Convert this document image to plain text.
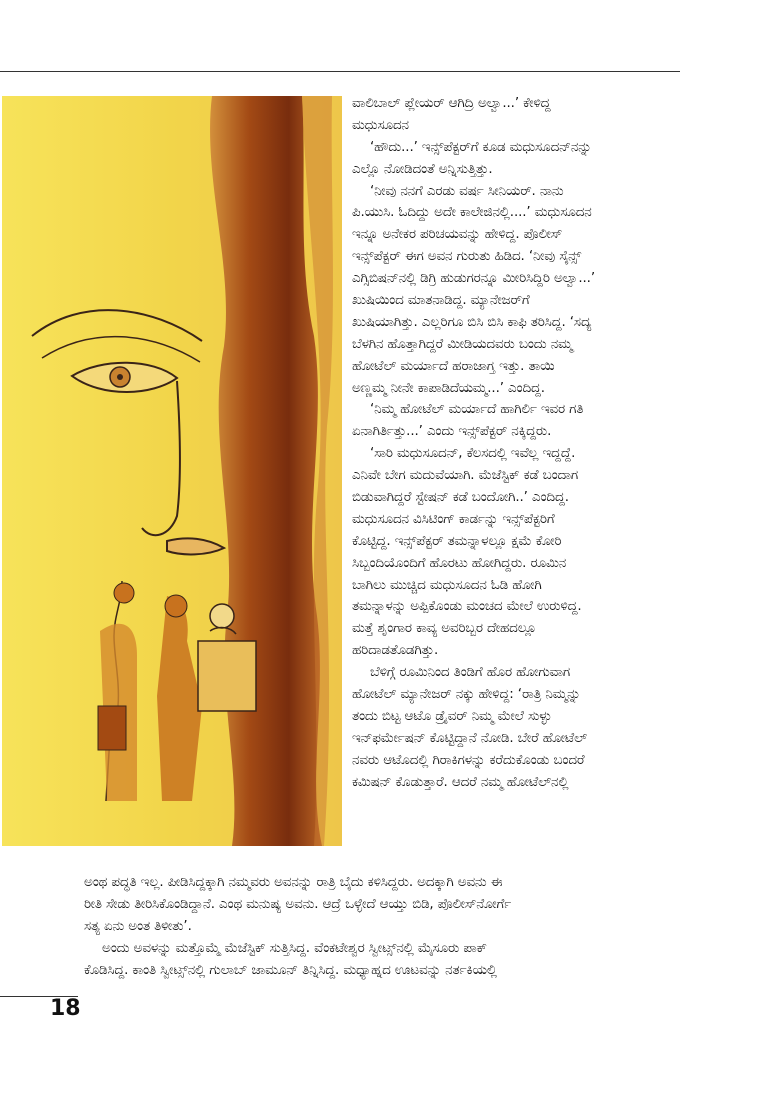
ವಾಲಿಬಾಲ್ ಪ್ಲೇಯರ್ ಆಗಿದ್ರಿ ಅಲ್ವಾ...’ ಕೇಳಿದ್ದ
ಮಧುಸೂದನ
‘ಹೌದು...’ ಇನ್ಸ್‌ಪೆಕ್ಟರ್‌ಗೆ ಕೂಡ ಮಧುಸೂದನ್‌ನನ್ನು
ಎಲ್ಲೊ ನೋಡಿದಂತೆ ಅನ್ನಿಸುತ್ತಿತ್ತು.
‘ನೀವು ನನಗೆ ಎರಡು ವರ್ಷ ಸೀನಿಯರ್. ನಾನು
ಪಿ.ಯುಸಿ. ಓದಿದ್ದು ಅದೇ ಕಾಲೇಜಿನಲ್ಲಿ....’ ಮಧುಸೂದನ
ಇನ್ನೂ ಅನೇಕರ ಪರಿಚಯವನ್ನು ಹೇಳಿದ್ದ. ಪೊಲೀಸ್
ಇನ್ಸ್‌ಪೆಕ್ಟರ್ ಈಗ ಅವನ ಗುರುತು ಹಿಡಿದ. ‘ನೀವು ಸೈನ್ಸ್
ಎಗ್ಸಿಬಿಷನ್‌ನಲ್ಲಿ ಡಿಗ್ರಿ ಹುಡುಗರನ್ನೂ ಮೀರಿಸಿದ್ದಿರಿ ಅಲ್ವಾ...’
ಖುಷಿಯಿಂದ ಮಾತನಾಡಿದ್ದ. ಮ್ಯಾನೇಜರ್‌ಗೆ
ಖುಷಿಯಾಗಿತ್ತು. ಎಲ್ಲರಿಗೂ ಬಿಸಿ ಬಿಸಿ ಕಾಫಿ ತರಿಸಿದ್ದ. ‘ಸದ್ಯ
ಬೆಳಗಿನ ಹೊತ್ತಾಗಿದ್ದರೆ ಮೀಡಿಯದವರು ಬಂದು ನಮ್ಮ
ಹೋಟೆಲ್ ಮರ್ಯಾದೆ ಹರಾಜಾಗ್ತ ಇತ್ತು. ತಾಯಿ
ಅಣ್ಣಮ್ಮ ನೀನೇ ಕಾಪಾಡಿದೆಯಮ್ಮ...’ ಎಂದಿದ್ದ.
‘ನಿಮ್ಮ ಹೋಟೆಲ್ ಮರ್ಯಾದೆ ಹಾಗಿರ್ಲಿ ಇವರ ಗತಿ
ಏನಾಗಿರ್ತಿತ್ತು...’ ಎಂದು ಇನ್ಸ್‌ಪೆಕ್ಟರ್ ನಕ್ಕಿದ್ದರು.
‘ಸಾರಿ ಮಧುಸೂದನ್, ಕೆಲಸದಲ್ಲಿ ಇವೆಲ್ಲ ಇದ್ದದ್ದೆ.
ಎನಿವೇ ಬೇಗ ಮದುವೆಯಾಗಿ. ಮೆಜೆಸ್ಟಿಕ್ ಕಡೆ ಬಂದಾಗ
ಬಿಡುವಾಗಿದ್ದರೆ ಸ್ಟೇಷನ್ ಕಡೆ ಬಂದೋಗಿ..’ ಎಂದಿದ್ದ.
ಮಧುಸೂದನ ವಿಸಿಟಿಂಗ್ ಕಾರ್ಡನ್ನು ಇನ್ಸ್‌ಪೆಕ್ಟರಿಗೆ
ಕೊಟ್ಟಿದ್ದ. ಇನ್ಸ್‌ಪೆಕ್ಟರ್ ತಮನ್ನಾಳಲ್ಲೂ ಕ್ಷಮೆ ಕೋರಿ
ಸಿಬ್ಬಂದಿಯೊಂದಿಗೆ ಹೊರಟು ಹೋಗಿದ್ದರು. ರೂಮಿನ
ಬಾಗಿಲು ಮುಚ್ಚಿದ ಮಧುಸೂದನ ಓಡಿ ಹೋಗಿ
ತಮನ್ನಾಳನ್ನು ಅಪ್ಪಿಕೊಂಡು ಮಂಚದ ಮೇಲೆ ಉರುಳಿದ್ದ.
ಮತ್ತೆ ಶೃಂಗಾರ ಕಾವ್ಯ ಅವರಿಬ್ಬರ ದೇಹದಲ್ಲೂ
ಹರಿದಾಡತೊಡಗಿತ್ತು.
ಬೆಳಿಗ್ಗೆ ರೂಮಿನಿಂದ ತಿಂಡಿಗೆ ಹೊರ ಹೋಗುವಾಗ
ಹೋಟೆಲ್ ಮ್ಯಾನೇಜರ್ ನಕ್ಕು ಹೇಳಿದ್ದ: ‘ರಾತ್ರಿ ನಿಮ್ಮನ್ನು
ತಂದು ಬಿಟ್ಟ ಆಟೊ ಡ್ರೈವರ್ ನಿಮ್ಮ ಮೇಲೆ ಸುಳ್ಳು
ಇನ್‌ಫರ್ಮೇಷನ್ ಕೊಟ್ಟಿದ್ದಾನೆ ನೋಡಿ. ಬೇರೆ ಹೋಟೆಲ್
ನವರು ಆಟೊದಲ್ಲಿ ಗಿರಾಕಿಗಳನ್ನು ಕರೆದುಕೊಂಡು ಬಂದರೆ
ಕಮಿಷನ್ ಕೊಡುತ್ತಾರೆ. ಆದರೆ ನಮ್ಮ ಹೋಟೆಲ್‌ನಲ್ಲಿ
ಅಂಥ ಪದ್ಧತಿ ಇಲ್ಲ. ಪೀಡಿಸಿದ್ದಕ್ಕಾಗಿ ನಮ್ಮವರು ಅವನನ್ನು ರಾತ್ರಿ ಬೈದು ಕಳಿಸಿದ್ದರು. ಅದಕ್ಕಾಗಿ ಅವನು ಈ
ರೀತಿ ಸೇಡು ತೀರಿಸಿಕೊಂಡಿದ್ದಾನೆ. ಎಂಥ ಮನುಷ್ಯ ಅವನು. ಆದ್ರೆ ಒಳ್ಳೇದೆ ಆಯ್ತು ಬಿಡಿ, ಪೊಲೀಸ್‌ನೋರ್ಗೆ
ಸತ್ಯ ಏನು ಅಂತ ತಿಳೀತು’.
ಅಂದು ಅವಳನ್ನು ಮತ್ತೊಮ್ಮೆ ಮೆಜೆಸ್ಟಿಕ್ ಸುತ್ತಿಸಿದ್ದ. ವೆಂಕಟೇಶ್ವರ ಸ್ವೀಟ್ಸ್‌ನಲ್ಲಿ ಮೈಸೂರು ಪಾಕ್
ಕೊಡಿಸಿದ್ದ. ಕಾಂತಿ ಸ್ವೀಟ್ಸ್‌ನಲ್ಲಿ ಗುಲಾಬ್ ಜಾಮೂನ್ ತಿನ್ನಿಸಿದ್ದ. ಮಧ್ಯಾಹ್ನದ ಊಟವನ್ನು ನರ್ತಕಿಯಲ್ಲಿ
18
